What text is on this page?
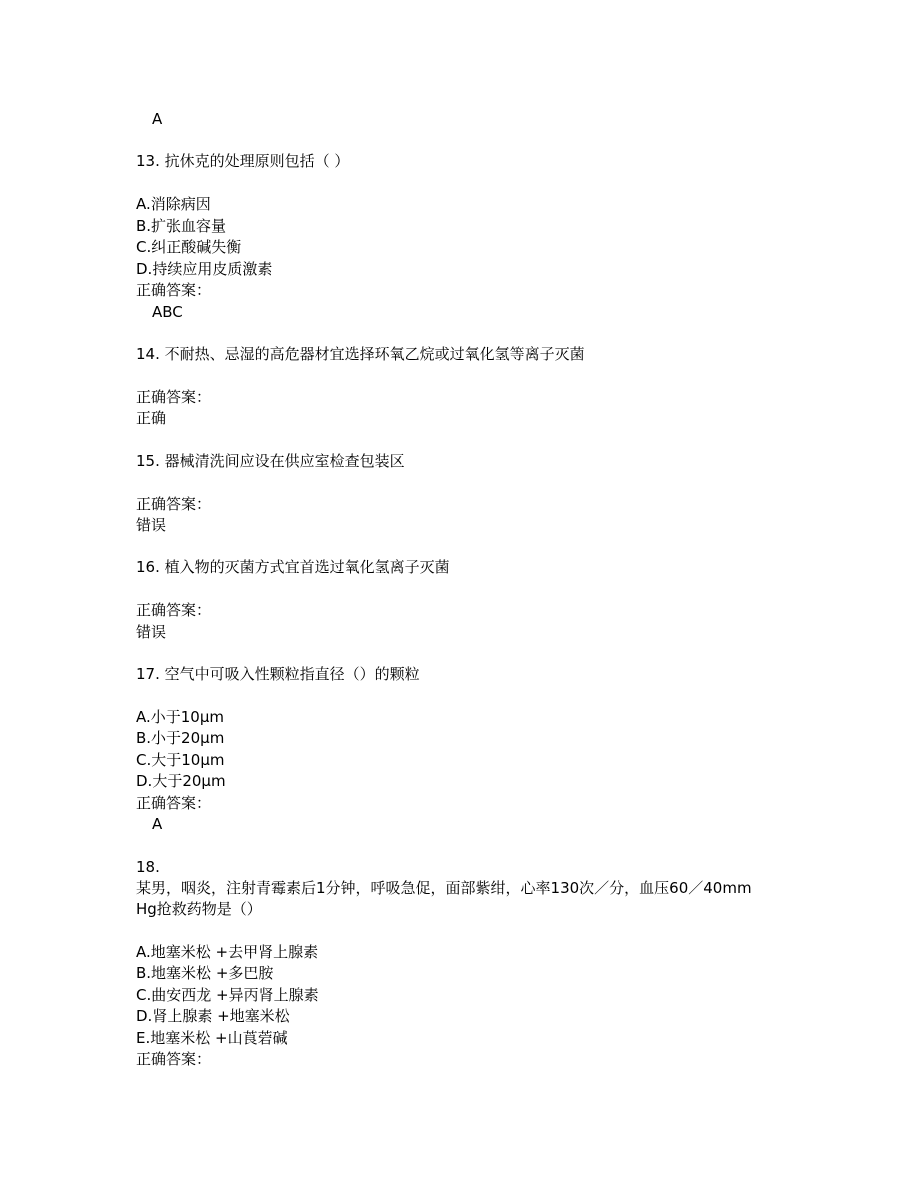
A
13. 抗休克的处理原则包括（ ）
A.消除病因
B.扩张血容量
C.纠正酸碱失衡
D.持续应用皮质激素
正确答案：
ABC
14. 不耐热、忌湿的高危器材宜选择环氧乙烷或过氧化氢等离子灭菌
正确答案：
正确
15. 器械清洗间应设在供应室检查包装区
正确答案：
错误
16. 植入物的灭菌方式宜首选过氧化氢离子灭菌
正确答案：
错误
17. 空气中可吸入性颗粒指直径（）的颗粒
A.小于10μm
B.小于20μm
C.大于10μm
D.大于20μm
正确答案：
A
18.
某男，咽炎，注射青霉素后1分钟，呼吸急促，面部紫绀，心率130次／分，血压60／40mm
Hg抢救药物是（）
A.地塞米松 +去甲肾上腺素
B.地塞米松 +多巴胺
C.曲安西龙 +异丙肾上腺素
D.肾上腺素 +地塞米松
E.地塞米松 +山莨菪碱
正确答案：
